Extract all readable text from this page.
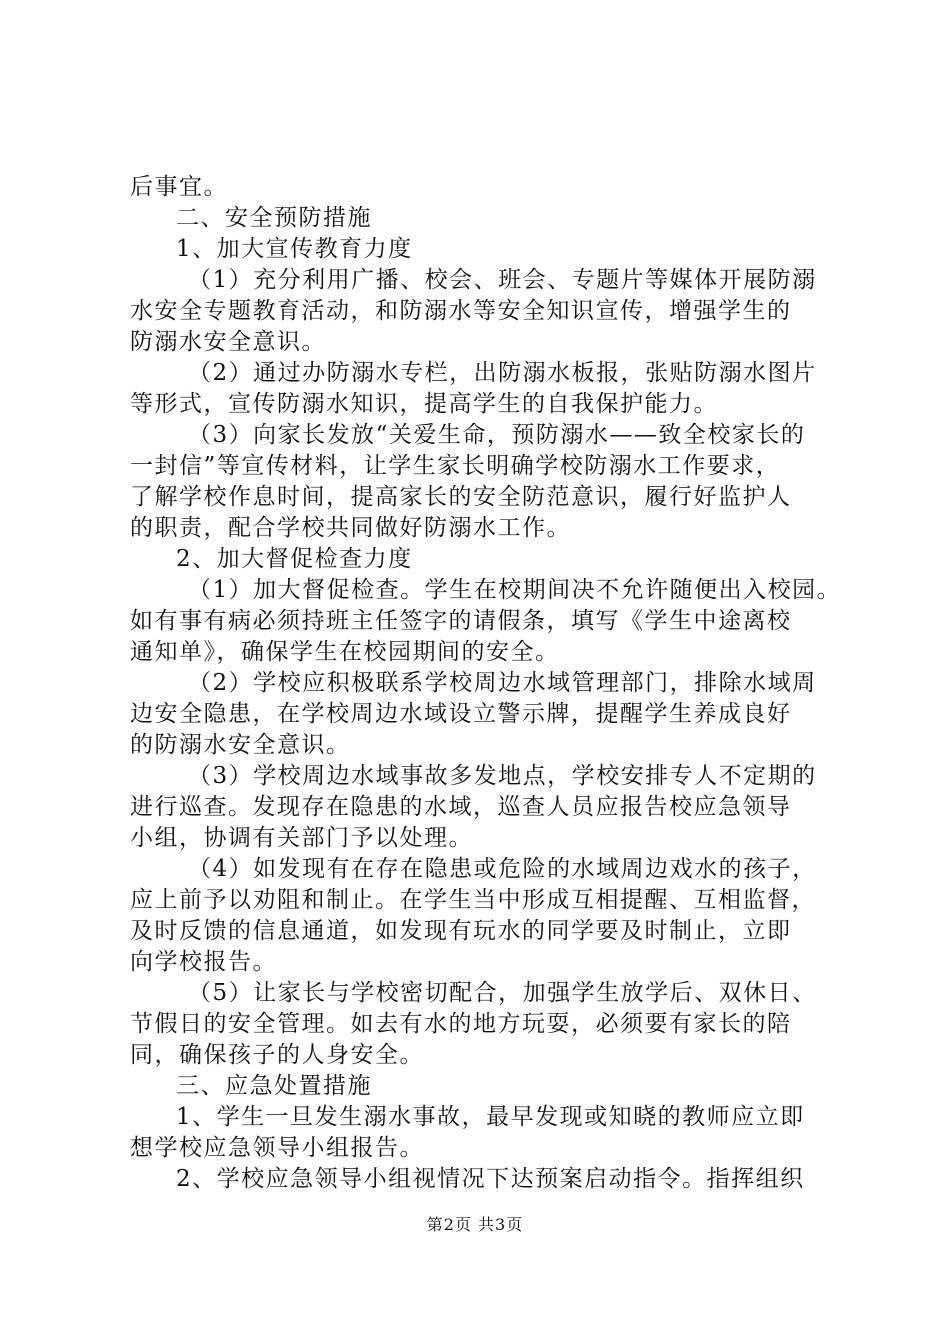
后事宜。
二、安全预防措施
1、加大宣传教育力度
（1）充分利用广播、校会、班会、专题片等媒体开展防溺
水安全专题教育活动，和防溺水等安全知识宣传，增强学生的
防溺水安全意识。
（2）通过办防溺水专栏，出防溺水板报，张贴防溺水图片
等形式，宣传防溺水知识，提高学生的自我保护能力。
（3）向家长发放“关爱生命，预防溺水——致全校家长的
一封信”等宣传材料，让学生家长明确学校防溺水工作要求，
了解学校作息时间，提高家长的安全防范意识，履行好监护人
的职责，配合学校共同做好防溺水工作。
2、加大督促检查力度
（1）加大督促检查。学生在校期间决不允许随便出入校园。
如有事有病必须持班主任签字的请假条，填写《学生中途离校
通知单》，确保学生在校园期间的安全。
（2）学校应积极联系学校周边水域管理部门，排除水域周
边安全隐患，在学校周边水域设立警示牌，提醒学生养成良好
的防溺水安全意识。
（3）学校周边水域事故多发地点，学校安排专人不定期的
进行巡查。发现存在隐患的水域，巡查人员应报告校应急领导
小组，协调有关部门予以处理。
（4）如发现有在存在隐患或危险的水域周边戏水的孩子，
应上前予以劝阻和制止。在学生当中形成互相提醒、互相监督，
及时反馈的信息通道，如发现有玩水的同学要及时制止，立即
向学校报告。
（5）让家长与学校密切配合，加强学生放学后、双休日、
节假日的安全管理。如去有水的地方玩耍，必须要有家长的陪
同，确保孩子的人身安全。
三、应急处置措施
1、学生一旦发生溺水事故，最早发现或知晓的教师应立即
想学校应急领导小组报告。
2、学校应急领导小组视情况下达预案启动指令。指挥组织
第2页 共3页
